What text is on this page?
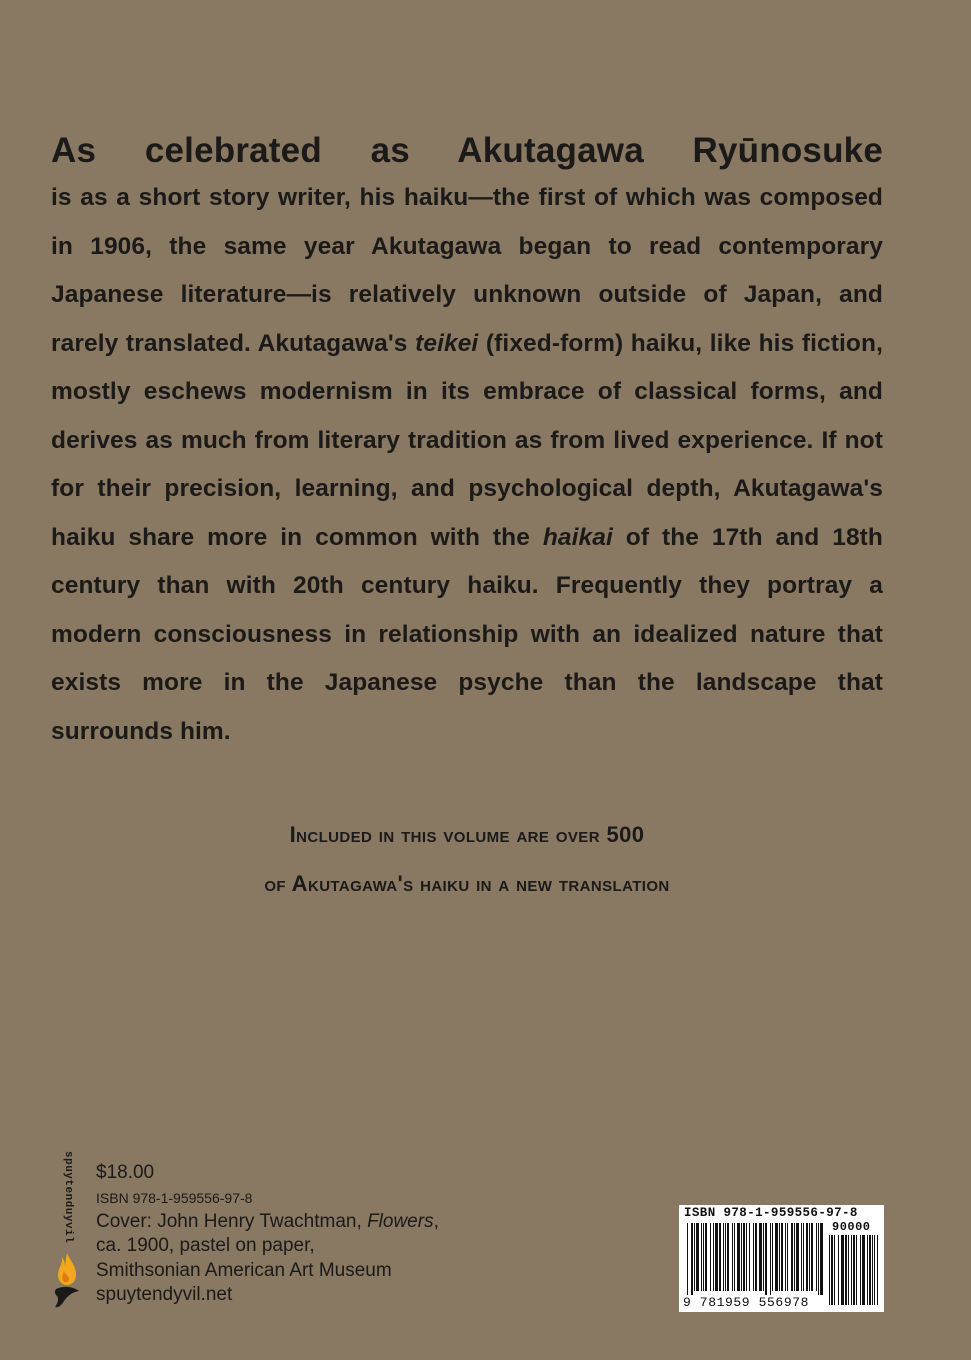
As celebrated as Akutagawa Ryūnosuke
is as a short story writer, his haiku—the first of which was composed in 1906, the same year Akutagawa began to read contemporary Japanese literature—is relatively unknown outside of Japan, and rarely translated. Akutagawa's teikei (fixed-form) haiku, like his fiction, mostly eschews modernism in its embrace of classical forms, and derives as much from literary tradition as from lived experience. If not for their precision, learning, and psychological depth, Akutagawa's haiku share more in common with the haikai of the 17th and 18th century than with 20th century haiku. Frequently they portray a modern consciousness in relationship with an idealized nature that exists more in the Japanese psyche than the landscape that surrounds him.
Included in this volume are over 500
of Akutagawa's haiku in a new translation
spuytenduyvil $18.00
ISBN 978-1-959556-97-8
Cover: John Henry Twachtman, Flowers,
ca. 1900, pastel on paper,
Smithsonian American Art Museum
spuytendyvil.net
ISBN 978-1-959556-97-8
90000
9 781959 556978
